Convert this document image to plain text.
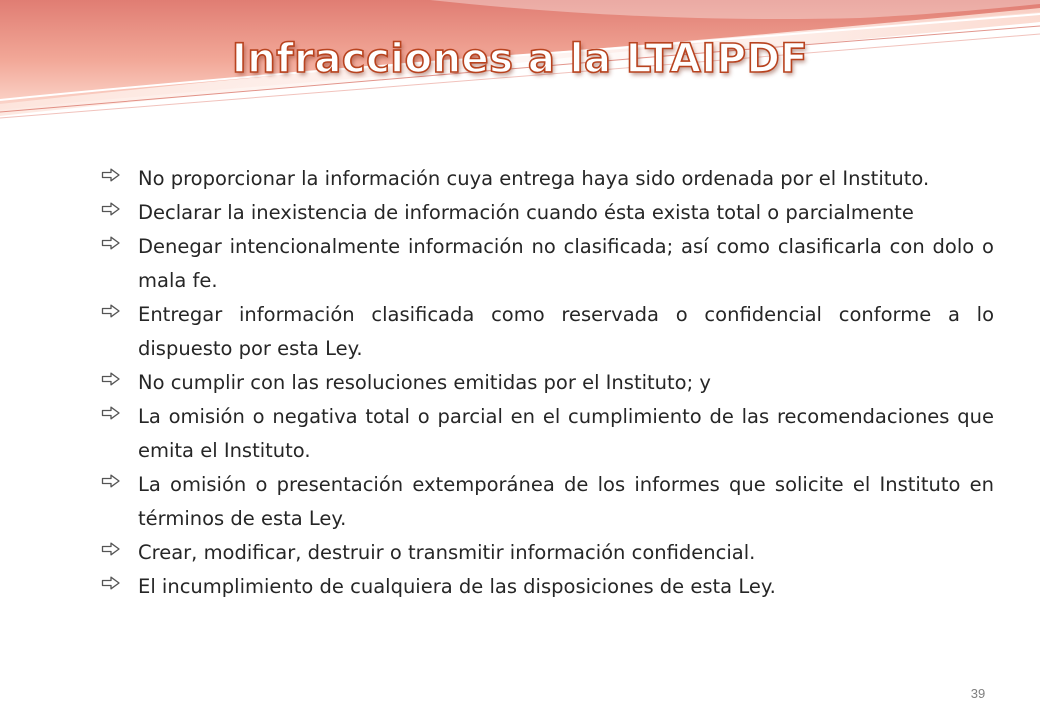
Infracciones a la LTAIPDF
No proporcionar la información cuya entrega haya sido ordenada por el Instituto.
Declarar la inexistencia de información cuando ésta exista total o parcialmente
Denegar intencionalmente información no clasificada; así como clasificarla con dolo o mala fe.
Entregar información clasificada como reservada o confidencial conforme a lo dispuesto por esta Ley.
No cumplir con las resoluciones emitidas por el Instituto; y
La omisión o negativa total o parcial en el cumplimiento de las recomendaciones que emita el Instituto.
La omisión o presentación extemporánea de los informes que solicite el Instituto en términos de esta Ley.
Crear, modificar, destruir o transmitir información confidencial.
El incumplimiento de cualquiera de las disposiciones de esta Ley.
39
